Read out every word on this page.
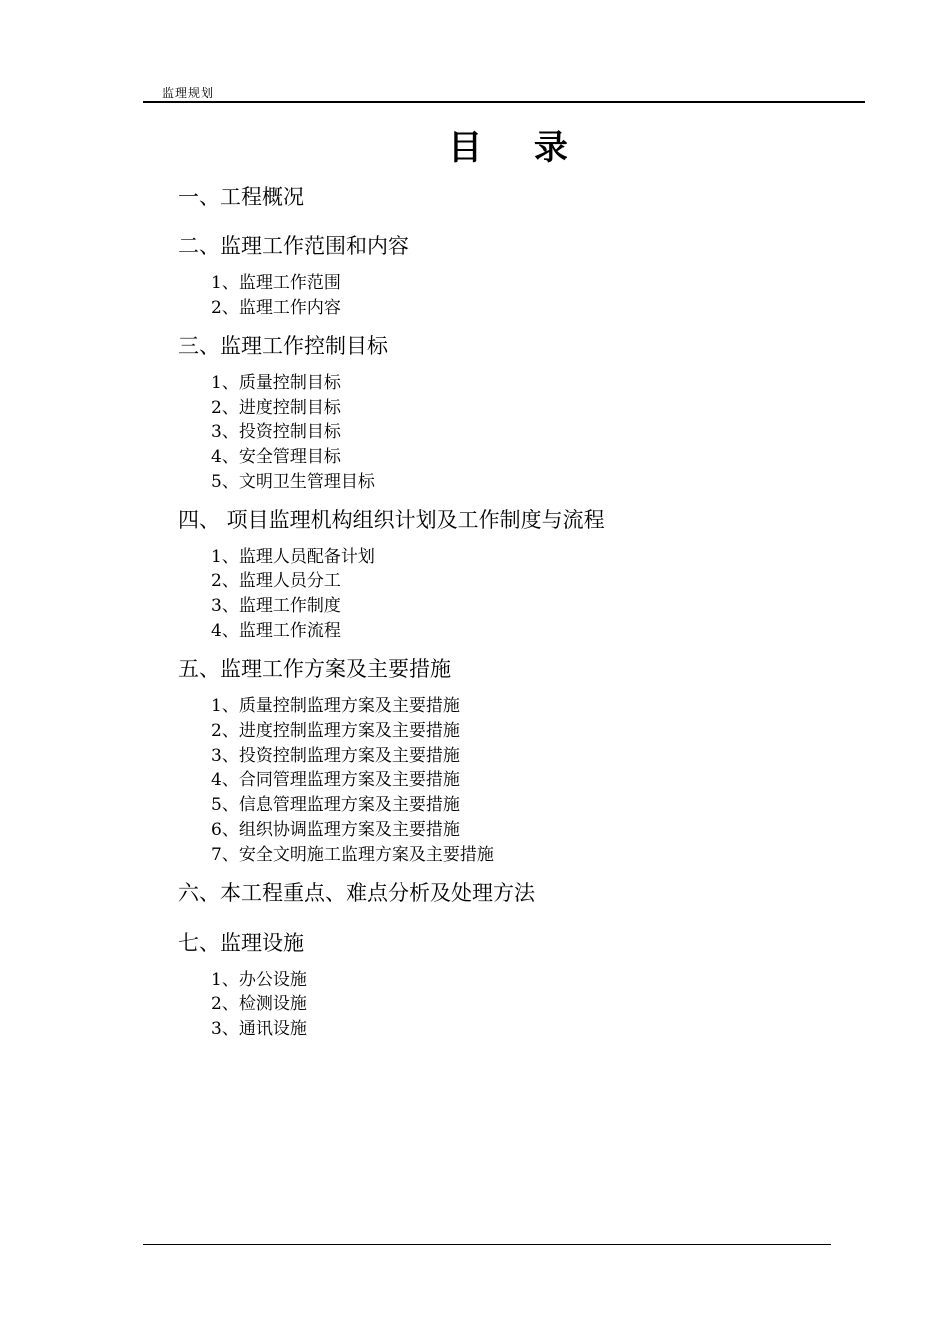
监理规划
目 录
一、工程概况
二、监理工作范围和内容
1、监理工作范围
2、监理工作内容
三、监理工作控制目标
1、质量控制目标
2、进度控制目标
3、投资控制目标
4、安全管理目标
5、文明卫生管理目标
四、 项目监理机构组织计划及工作制度与流程
1、监理人员配备计划
2、监理人员分工
3、监理工作制度
4、监理工作流程
五、监理工作方案及主要措施
1、质量控制监理方案及主要措施
2、进度控制监理方案及主要措施
3、投资控制监理方案及主要措施
4、合同管理监理方案及主要措施
5、信息管理监理方案及主要措施
6、组织协调监理方案及主要措施
7、安全文明施工监理方案及主要措施
六、本工程重点、难点分析及处理方法
七、监理设施
1、办公设施
2、检测设施
3、通讯设施
